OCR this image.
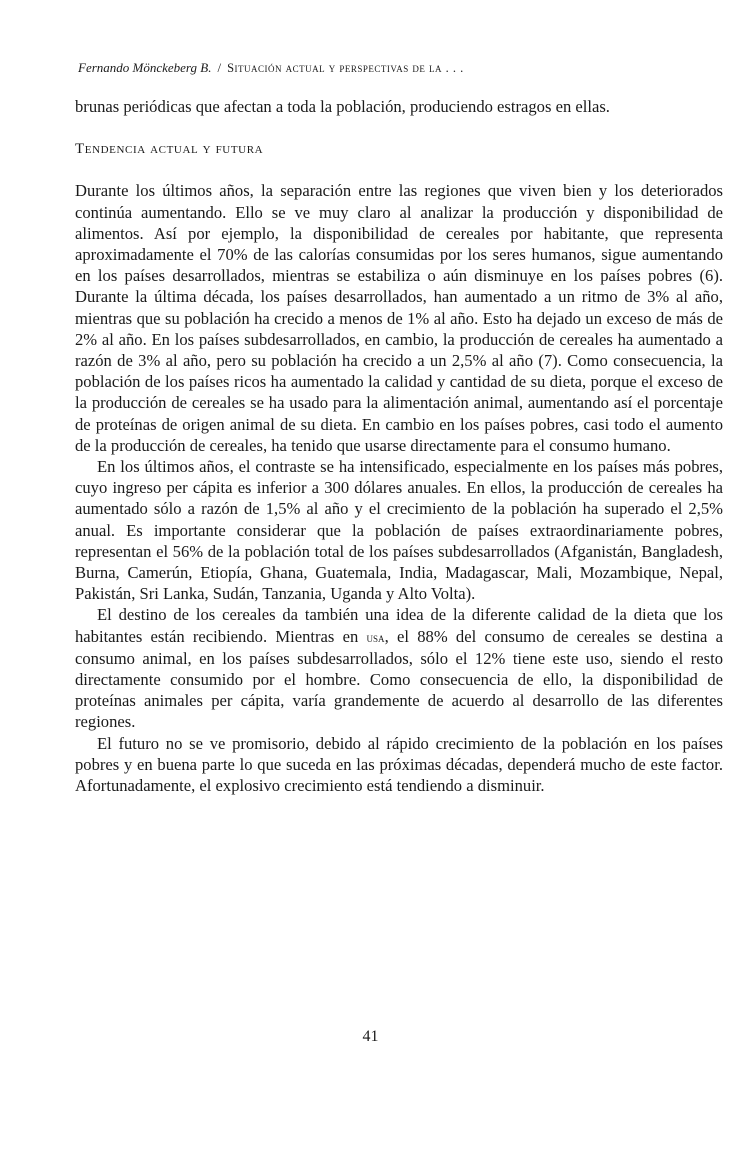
Fernando Mönckeberg B. / Situación actual y perspectivas de la . . .

brunas periódicas que afectan a toda la población, produciendo estragos en ellas.

Tendencia actual y futura

Durante los últimos años, la separación entre las regiones que viven bien y los deteriorados continúa aumentando. Ello se ve muy claro al analizar la producción y disponibilidad de alimentos. Así por ejemplo, la disponibilidad de cereales por habitante, que representa aproximadamente el 70% de las calorías consumidas por los seres humanos, sigue aumentando en los países desarrollados, mientras se estabiliza o aún disminuye en los países pobres (6). Durante la última década, los países desarrollados, han aumentado a un ritmo de 3% al año, mientras que su población ha crecido a menos de 1% al año. Esto ha dejado un exceso de más de 2% al año. En los países subdesarrollados, en cambio, la producción de cereales ha aumentado a razón de 3% al año, pero su población ha crecido a un 2,5% al año (7). Como consecuencia, la población de los países ricos ha aumentado la calidad y cantidad de su dieta, porque el exceso de la producción de cereales se ha usado para la alimentación animal, aumentando así el porcentaje de proteínas de origen animal de su dieta. En cambio en los países pobres, casi todo el aumento de la producción de cereales, ha tenido que usarse directamente para el consumo humano.

En los últimos años, el contraste se ha intensificado, especialmente en los países más pobres, cuyo ingreso per cápita es inferior a 300 dólares anuales. En ellos, la producción de cereales ha aumentado sólo a razón de 1,5% al año y el crecimiento de la población ha superado el 2,5% anual. Es importante considerar que la población de países extraordinariamente pobres, representan el 56% de la población total de los países subdesarrollados (Afganistán, Bangladesh, Burna, Camerún, Etiopía, Ghana, Guatemala, India, Madagascar, Mali, Mozambique, Nepal, Pakistán, Sri Lanka, Sudán, Tanzania, Uganda y Alto Volta).

El destino de los cereales da también una idea de la diferente calidad de la dieta que los habitantes están recibiendo. Mientras en usa, el 88% del consumo de cereales se destina a consumo animal, en los países subdesarrollados, sólo el 12% tiene este uso, siendo el resto directamente consumido por el hombre. Como consecuencia de ello, la disponibilidad de proteínas animales per cápita, varía grandemente de acuerdo al desarrollo de las diferentes regiones.

El futuro no se ve promisorio, debido al rápido crecimiento de la población en los países pobres y en buena parte lo que suceda en las próximas décadas, dependerá mucho de este factor. Afortunadamente, el explosivo crecimiento está tendiendo a disminuir.

41
